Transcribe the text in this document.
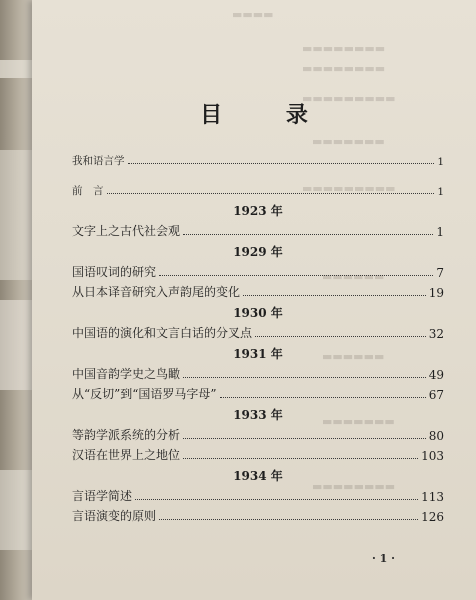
▬▬▬▬
▬▬▬▬▬▬▬▬
▬▬▬▬▬▬▬▬
▬▬▬▬▬▬▬▬▬
▬▬▬▬▬▬▬
▬▬▬▬▬▬▬▬▬
▬▬▬▬▬▬
▬▬▬▬▬▬
▬▬▬▬▬▬▬
▬▬▬▬▬▬▬▬
目 录
我和语言学	1
前　言	1
1923 年
文字上之古代社会观	1
1929 年
国语叹词的研究	7
从日本译音研究入声韵尾的变化	19
1930 年
中国语的演化和文言白话的分叉点	32
1931 年
中国音韵学史之鸟瞰	49
从“反切”到“国语罗马字母”	67
1933 年
等韵学派系统的分析	80
汉语在世界上之地位	103
1934 年
言语学简述	113
言语演变的原则	126
· 1 ·
